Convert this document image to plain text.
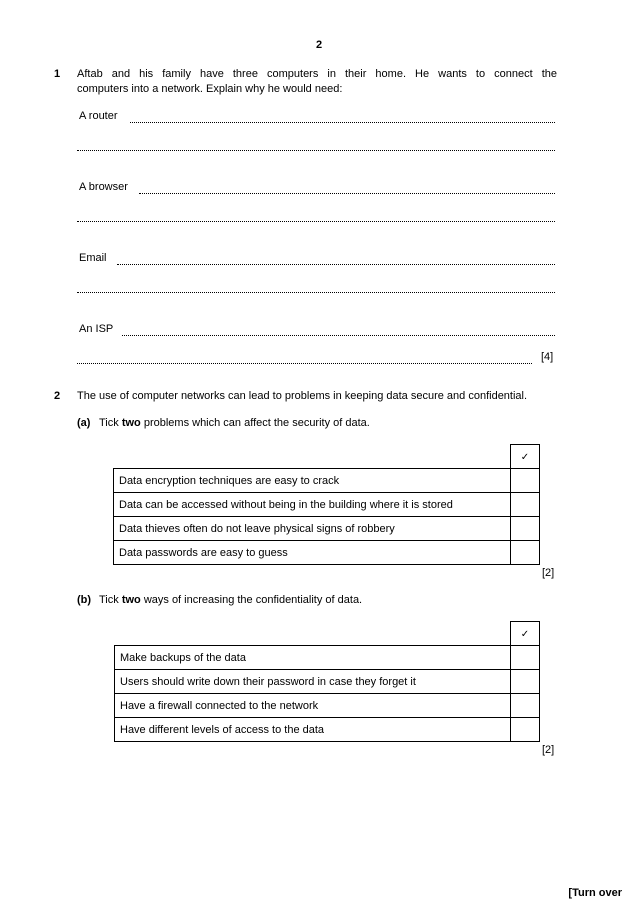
2
1 Aftab and his family have three computers in their home. He wants to connect the
computers into a network. Explain why he would need:
A router
A browser
Email
An ISP
[4]
2 The use of computer networks can lead to problems in keeping data secure and confidential.
(a) Tick two problems which can affect the security of data.
	✓
Data encryption techniques are easy to crack	
Data can be accessed without being in the building where it is stored	
Data thieves often do not leave physical signs of robbery	
Data passwords are easy to guess	
[2]
(b) Tick two ways of increasing the confidentiality of data.
	✓
Make backups of the data	
Users should write down their password in case they forget it	
Have a firewall connected to the network	
Have different levels of access to the data	
[2]
[Turn over
